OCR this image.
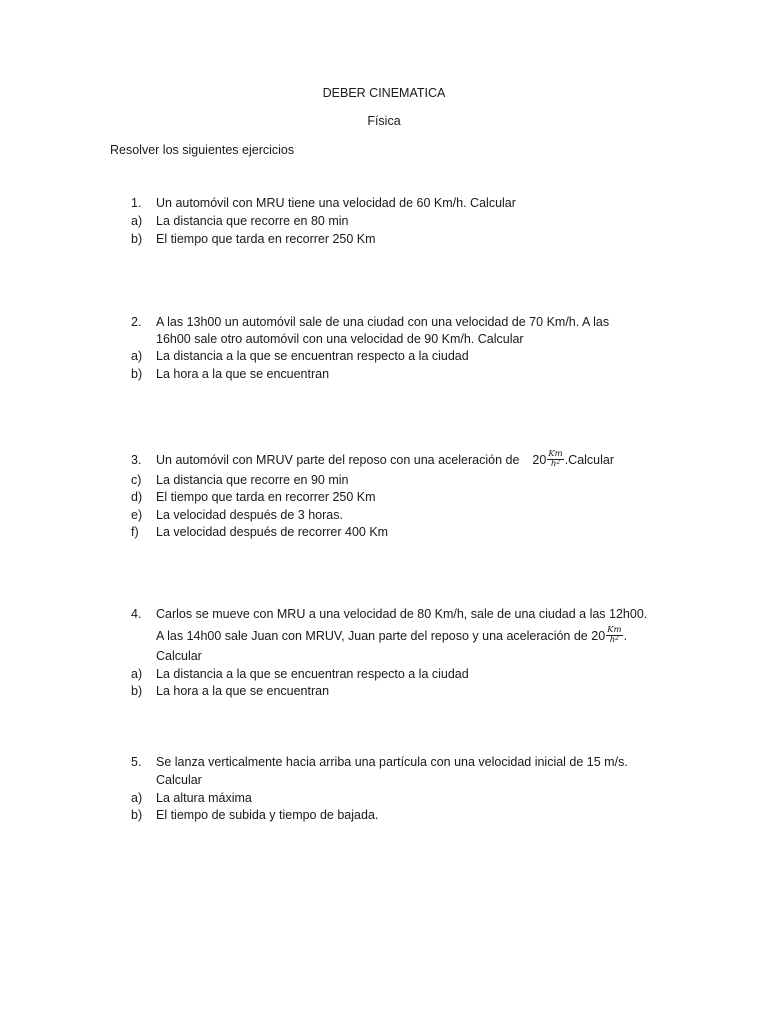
DEBER CINEMATICA
Física
Resolver los siguientes ejercicios
1. Un automóvil con MRU tiene una velocidad de 60 Km/h. Calcular
a) La distancia que recorre en 80 min
b) El tiempo que tarda en recorrer 250 Km
2. A las 13h00 un automóvil sale de una ciudad con una velocidad de 70 Km/h. A las
16h00 sale otro automóvil con una velocidad de 90 Km/h. Calcular
a) La distancia a la que se encuentran respecto a la ciudad
b) La hora a la que se encuentran
3. Un automóvil con MRUV parte del reposo con una aceleración de $20 \frac{Km}{h^2}$ .Calcular
c) La distancia que recorre en 90 min
d) El tiempo que tarda en recorrer 250 Km
e) La velocidad después de 3 horas.
f) La velocidad después de recorrer 400 Km
4. Carlos se mueve con MRU a una velocidad de 80 Km/h, sale de una ciudad a las 12h00.
A las 14h00 sale Juan con MRUV, Juan parte del reposo y una aceleración de $20 \frac{Km}{h^2}$ .
Calcular
a) La distancia a la que se encuentran respecto a la ciudad
b) La hora a la que se encuentran
5. Se lanza verticalmente hacia arriba una partícula con una velocidad inicial de 15 m/s.
Calcular
a) La altura máxima
b) El tiempo de subida y tiempo de bajada.
